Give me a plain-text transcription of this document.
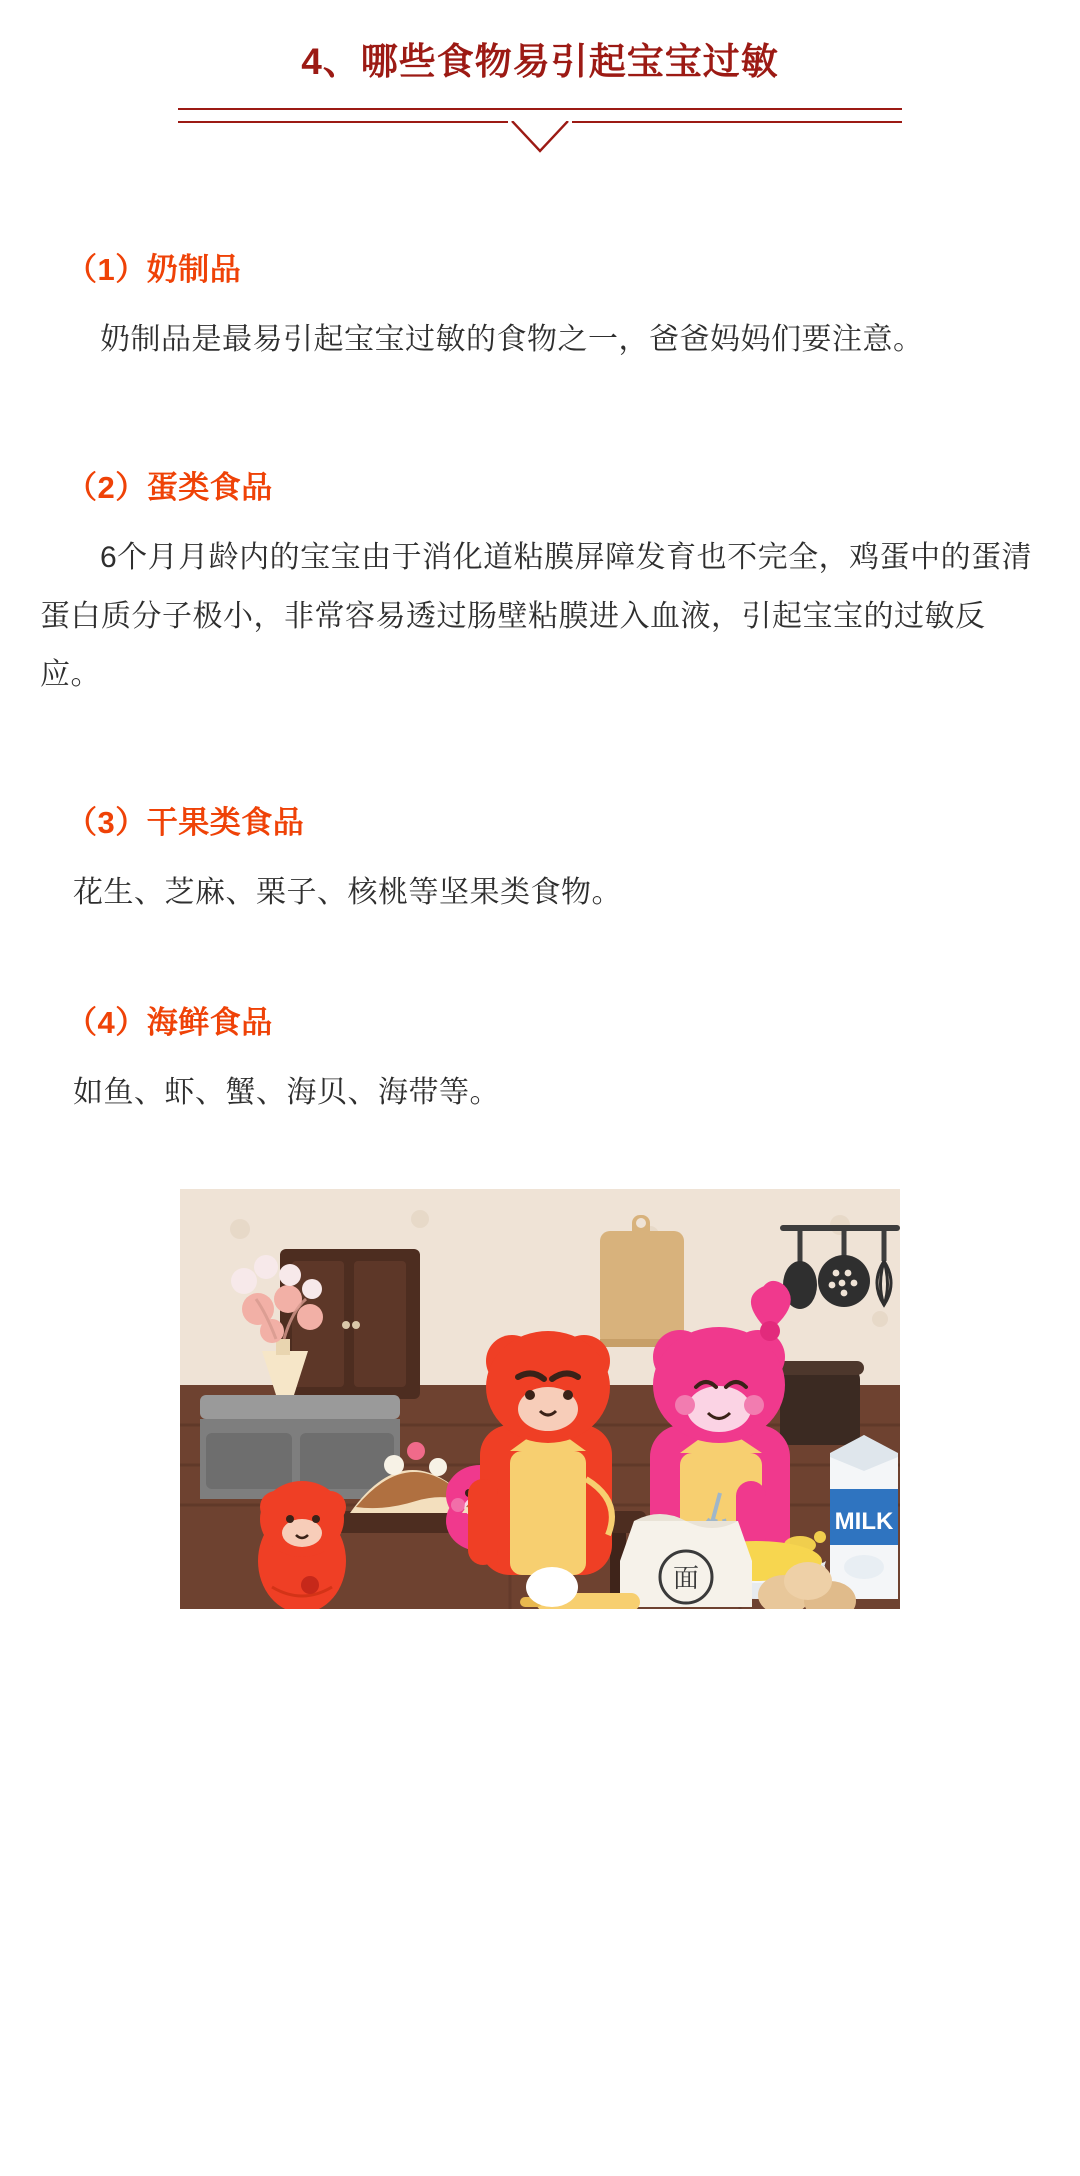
4、哪些食物易引起宝宝过敏
（1）奶制品
奶制品是最易引起宝宝过敏的食物之一，爸爸妈妈们要注意。
（2）蛋类食品
6个月月龄内的宝宝由于消化道粘膜屏障发育也不完全，鸡蛋中的蛋清蛋白质分子极小，非常容易透过肠壁粘膜进入血液，引起宝宝的过敏反应。
（3）干果类食品
花生、芝麻、栗子、核桃等坚果类食物。
（4）海鲜食品
如鱼、虾、蟹、海贝、海带等。
面
MILK
